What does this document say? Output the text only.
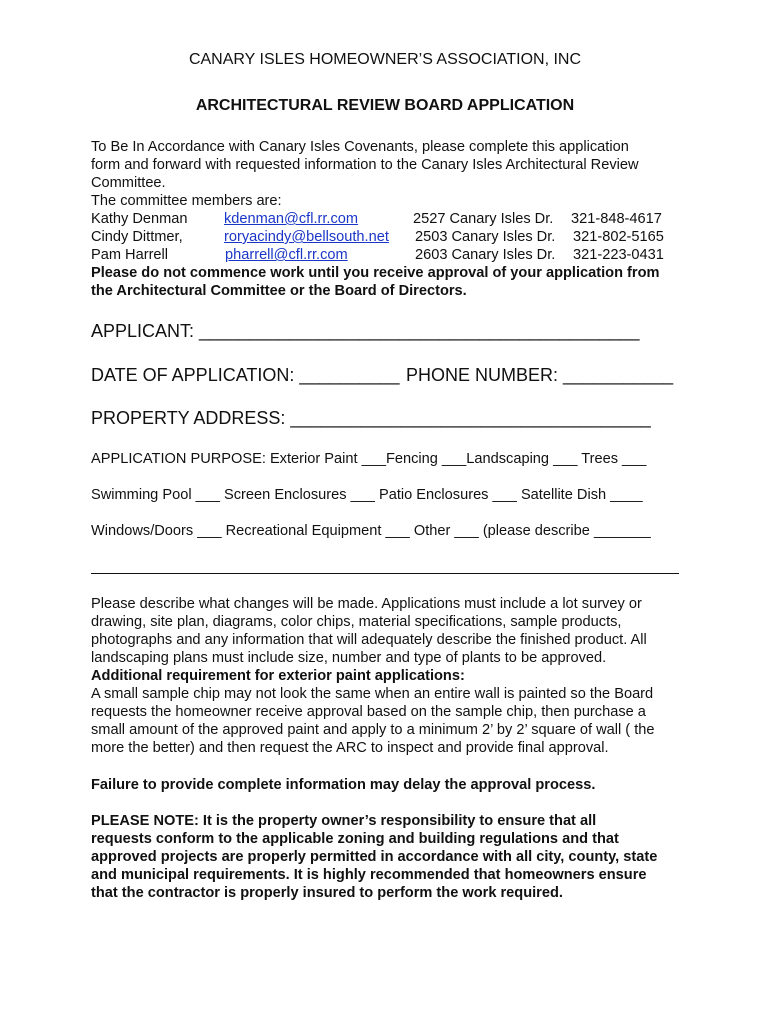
CANARY ISLES HOMEOWNER’S ASSOCIATION, INC
ARCHITECTURAL REVIEW BOARD APPLICATION
To Be In Accordance with Canary Isles Covenants, please complete this application
form and forward with requested information to the Canary Isles Architectural Review
Committee.
The committee members are:
Kathy Denman kdenman@cfl.rr.com	2527 Canary Isles Dr. 321-848-4617
Cindy Dittmer,	roryacindy@bellsouth.net 2503 Canary Isles Dr. 321-802-5165
Pam Harrell	pharrell@cfl.rr.com	2603 Canary Isles Dr. 321-223-0431
Please do not commence work until you receive approval of your application from
the Architectural Committee or the Board of Directors.
APPLICANT: ____________________________________________
DATE OF APPLICATION: __________ PHONE NUMBER: ___________
PROPERTY ADDRESS: ____________________________________
APPLICATION PURPOSE: Exterior Paint ___Fencing ___Landscaping ___ Trees ___
Swimming Pool ___ Screen Enclosures ___ Patio Enclosures ___ Satellite Dish ____
Windows/Doors ___ Recreational Equipment ___ Other ___ (please describe _______
Please describe what changes will be made. Applications must include a lot survey or
drawing, site plan, diagrams, color chips, material specifications, sample products,
photographs and any information that will adequately describe the finished product. All
landscaping plans must include size, number and type of plants to be approved.
Additional requirement for exterior paint applications:
A small sample chip may not look the same when an entire wall is painted so the Board
requests the homeowner receive approval based on the sample chip, then purchase a
small amount of the approved paint and apply to a minimum 2’ by 2’ square of wall ( the
more the better) and then request the ARC to inspect and provide final approval.
Failure to provide complete information may delay the approval process.
PLEASE NOTE: It is the property owner’s responsibility to ensure that all
requests conform to the applicable zoning and building regulations and that
approved projects are properly permitted in accordance with all city, county, state
and municipal requirements. It is highly recommended that homeowners ensure
that the contractor is properly insured to perform the work required.
